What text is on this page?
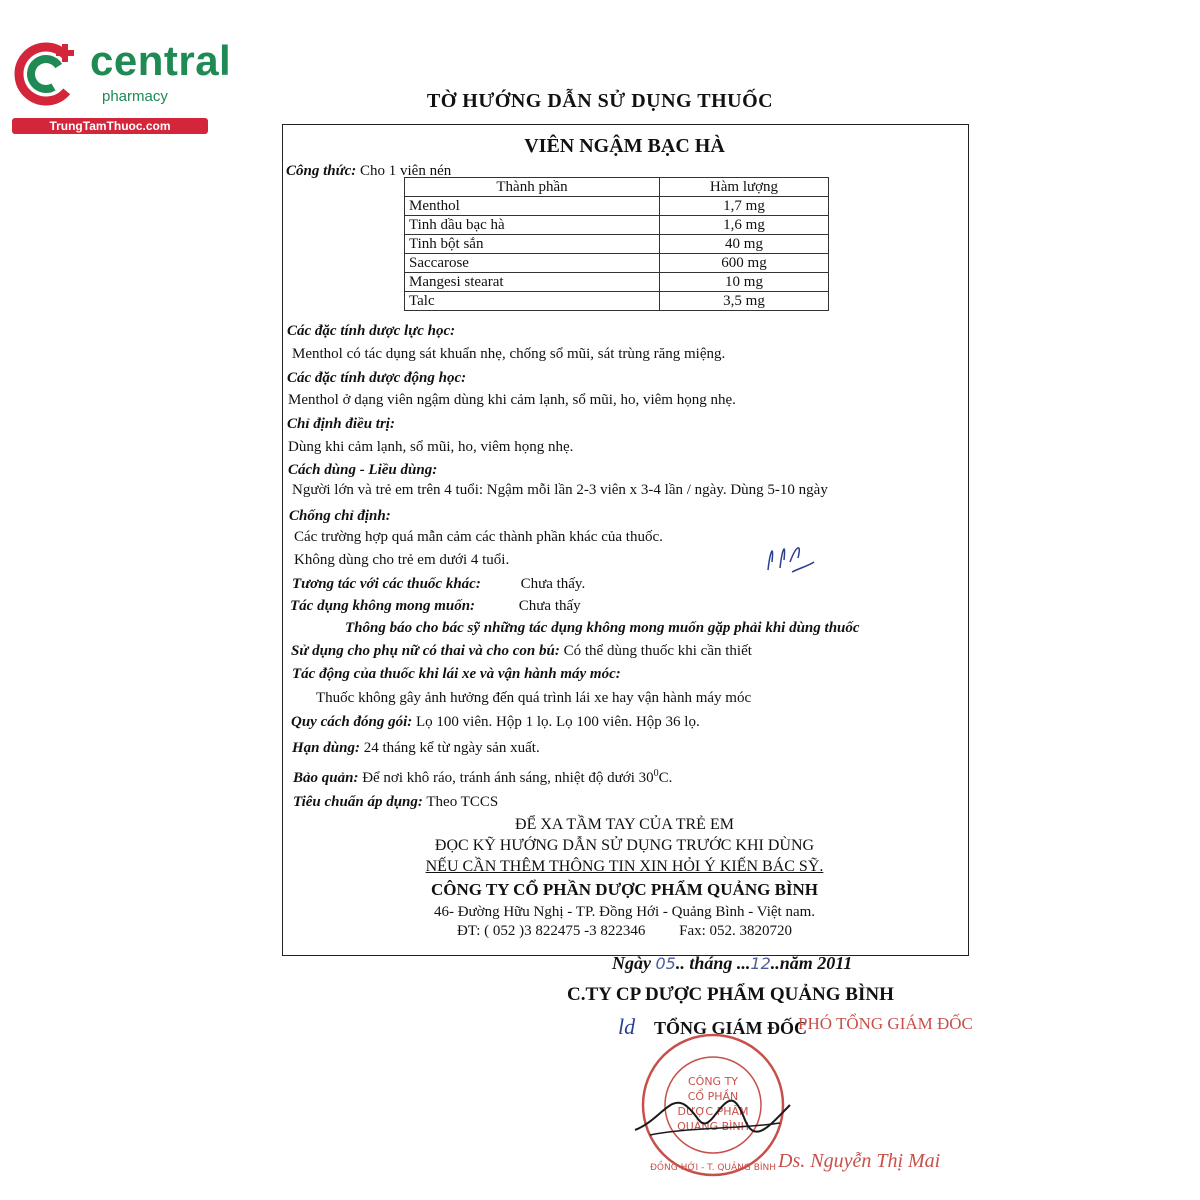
central
pharmacy
TrungTamThuoc.com
TỜ HƯỚNG DẪN SỬ DỤNG THUỐC
VIÊN NGẬM BẠC HÀ
Công thức: Cho 1 viên nén
Thành phần	Hàm lượng
Menthol	1,7 mg
Tinh dầu bạc hà	1,6 mg
Tinh bột sắn	40 mg
Saccarose	600 mg
Mangesi stearat	10 mg
Talc	3,5 mg
Các đặc tính dược lực học:
Menthol có tác dụng sát khuẩn nhẹ, chống sổ mũi, sát trùng răng miệng.
Các đặc tính dược động học:
Menthol ở dạng viên ngậm dùng khi cảm lạnh, sổ mũi, ho, viêm họng nhẹ.
Chỉ định điều trị:
Dùng khi cảm lạnh, sổ mũi, ho, viêm họng nhẹ.
Cách dùng - Liều dùng:
Người lớn và trẻ em trên 4 tuổi: Ngậm mỗi lần 2-3 viên x 3-4 lần / ngày. Dùng 5-10 ngày
Chống chỉ định:
Các trường hợp quá mẫn cảm các thành phần khác của thuốc.
Không dùng cho trẻ em dưới 4 tuổi.
Tương tác với các thuốc khác:	Chưa thấy.
Tác dụng không mong muốn:	Chưa thấy
Thông báo cho bác sỹ những tác dụng không mong muốn gặp phải khi dùng thuốc
Sử dụng cho phụ nữ có thai và cho con bú: Có thể dùng thuốc khi cần thiết
Tác động của thuốc khi lái xe và vận hành máy móc:
Thuốc không gây ảnh hưởng đến quá trình lái xe hay vận hành máy móc
Quy cách đóng gói: Lọ 100 viên. Hộp 1 lọ. Lọ 100 viên. Hộp 36 lọ.
Hạn dùng: 24 tháng kể từ ngày sản xuất.
Bảo quản: Để nơi khô ráo, tránh ánh sáng, nhiệt độ dưới $30^0C$.
Tiêu chuẩn áp dụng: Theo TCCS
ĐỂ XA TẦM TAY CỦA TRẺ EM
ĐỌC KỸ HƯỚNG DẪN SỬ DỤNG TRƯỚC KHI DÙNG
NẾU CẦN THÊM THÔNG TIN XIN HỎI Ý KIẾN BÁC SỸ.
CÔNG TY CỔ PHẦN DƯỢC PHẨM QUẢNG BÌNH
46- Đường Hữu Nghị - TP. Đồng Hới - Quảng Bình - Việt nam.
ĐT: ( 052 )3 822475 -3 822346 Fax: 052. 3820720
Ngày 05.. tháng ...12..năm 2011
C.TY CP DƯỢC PHẨM QUẢNG BÌNH
ld TỔNG GIÁM ĐỐC
PHÓ TỔNG GIÁM ĐỐC
CÔNG TY
CỔ PHẦN
DƯỢC PHẨM
QUẢNG BÌNH
ĐỒNG HỚI - T. QUẢNG BÌNH Ds. Nguyễn Thị Mai
